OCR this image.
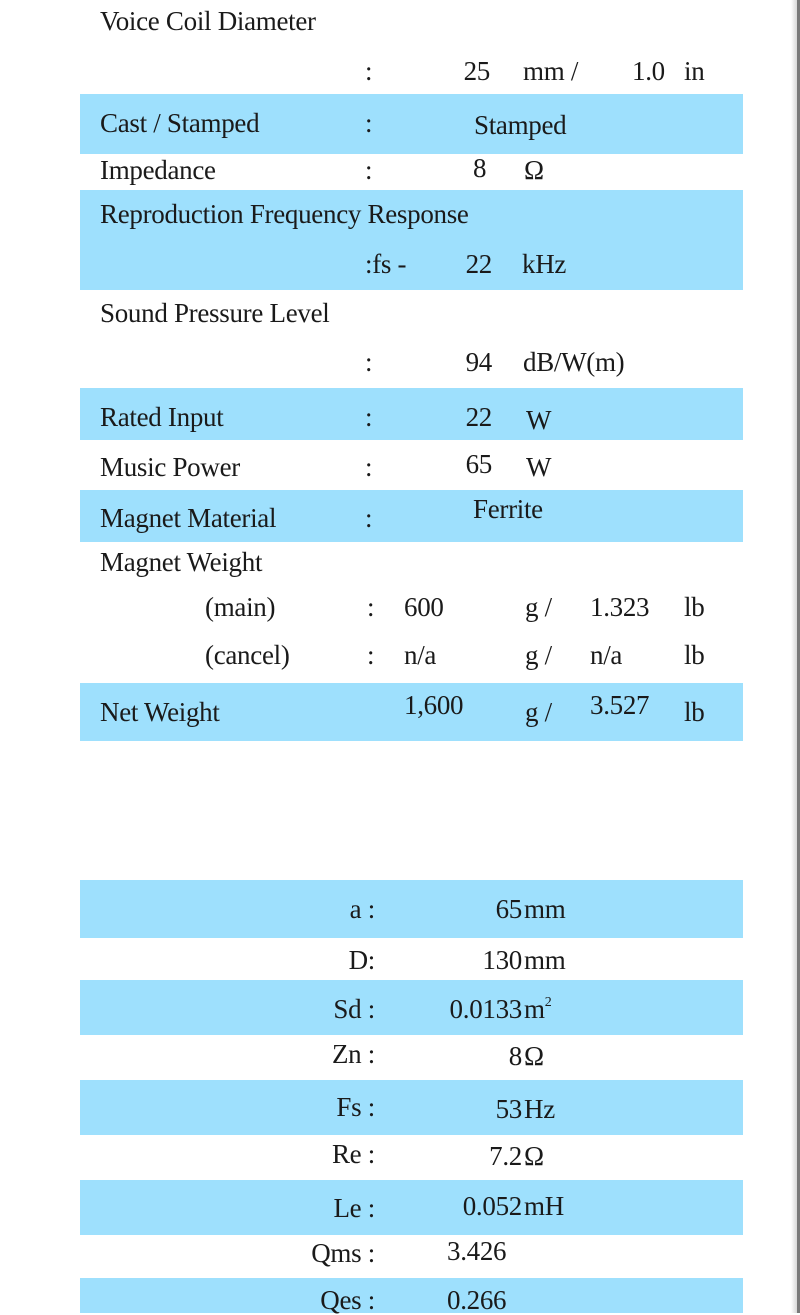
Voice Coil Diameter
:	25 mm / 1.0 in
Cast / Stamped	:	Stamped
Impedance	:	8 Ω
Reproduction Frequency Response
:fs -	22 kHz
Sound Pressure Level
:	94 dB/W(m)
Rated Input	:	22 W
Music Power	:	65 W
Magnet Material	:	Ferrite
Magnet Weight
(main)	: 600	g / 1.323 lb
(cancel)	: n/a	g / n/a lb
Net Weight	1,600 g / 3.527 lb
a :	65 mm
D:	130 mm
Sd :	0.0133 $m^2$
Zn :	8 Ω
Fs :	53 Hz
Re :	7.2 Ω
Le :	0.052 mH
Qms :	3.426
Qes :	0.266
